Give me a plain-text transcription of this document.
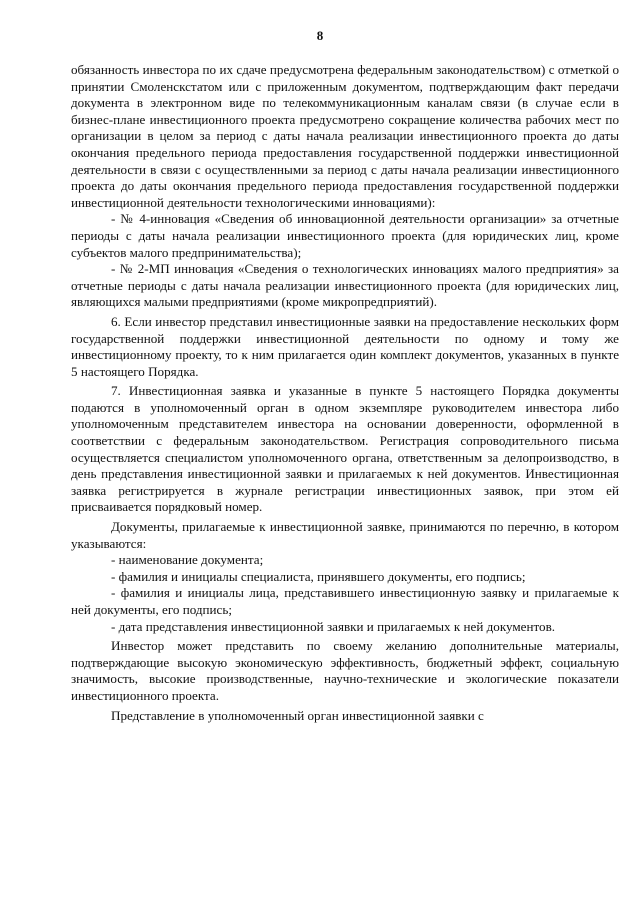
8

обязанность инвестора по их сдаче предусмотрена федеральным законодательством) с отметкой о принятии Смоленскстатом или с приложенным документом, подтверждающим факт передачи документа в электронном виде по телекоммуникационным каналам связи (в случае если в бизнес-плане инвестиционного проекта предусмотрено сокращение количества рабочих мест по организации в целом за период с даты начала реализации инвестиционного проекта до даты окончания предельного периода предоставления государственной поддержки инвестиционной деятельности в связи с осуществленными за период с даты начала реализации инвестиционного проекта до даты окончания предельного периода предоставления государственной поддержки инвестиционной деятельности технологическими инновациями):

- № 4-инновация «Сведения об инновационной деятельности организации» за отчетные периоды с даты начала реализации инвестиционного проекта (для юридических лиц, кроме субъектов малого предпринимательства);

- № 2-МП инновация «Сведения о технологических инновациях малого предприятия» за отчетные периоды с даты начала реализации инвестиционного проекта (для юридических лиц, являющихся малыми предприятиями (кроме микропредприятий).

6. Если инвестор представил инвестиционные заявки на предоставление нескольких форм государственной поддержки инвестиционной деятельности по одному и тому же инвестиционному проекту, то к ним прилагается один комплект документов, указанных в пункте 5 настоящего Порядка.

7. Инвестиционная заявка и указанные в пункте 5 настоящего Порядка документы подаются в уполномоченный орган в одном экземпляре руководителем инвестора либо уполномоченным представителем инвестора на основании доверенности, оформленной в соответствии с федеральным законодательством. Регистрация сопроводительного письма осуществляется специалистом уполномоченного органа, ответственным за делопроизводство, в день представления инвестиционной заявки и прилагаемых к ней документов. Инвестиционная заявка регистрируется в журнале регистрации инвестиционных заявок, при этом ей присваивается порядковый номер.

Документы, прилагаемые к инвестиционной заявке, принимаются по перечню, в котором указываются:

- наименование документа;

- фамилия и инициалы специалиста, принявшего документы, его подпись;

- фамилия и инициалы лица, представившего инвестиционную заявку и прилагаемые к ней документы, его подпись;

- дата представления инвестиционной заявки и прилагаемых к ней документов.

Инвестор может представить по своему желанию дополнительные материалы, подтверждающие высокую экономическую эффективность, бюджетный эффект, социальную значимость, высокие производственные, научно-технические и экологические показатели инвестиционного проекта.

Представление в уполномоченный орган инвестиционной заявки с
